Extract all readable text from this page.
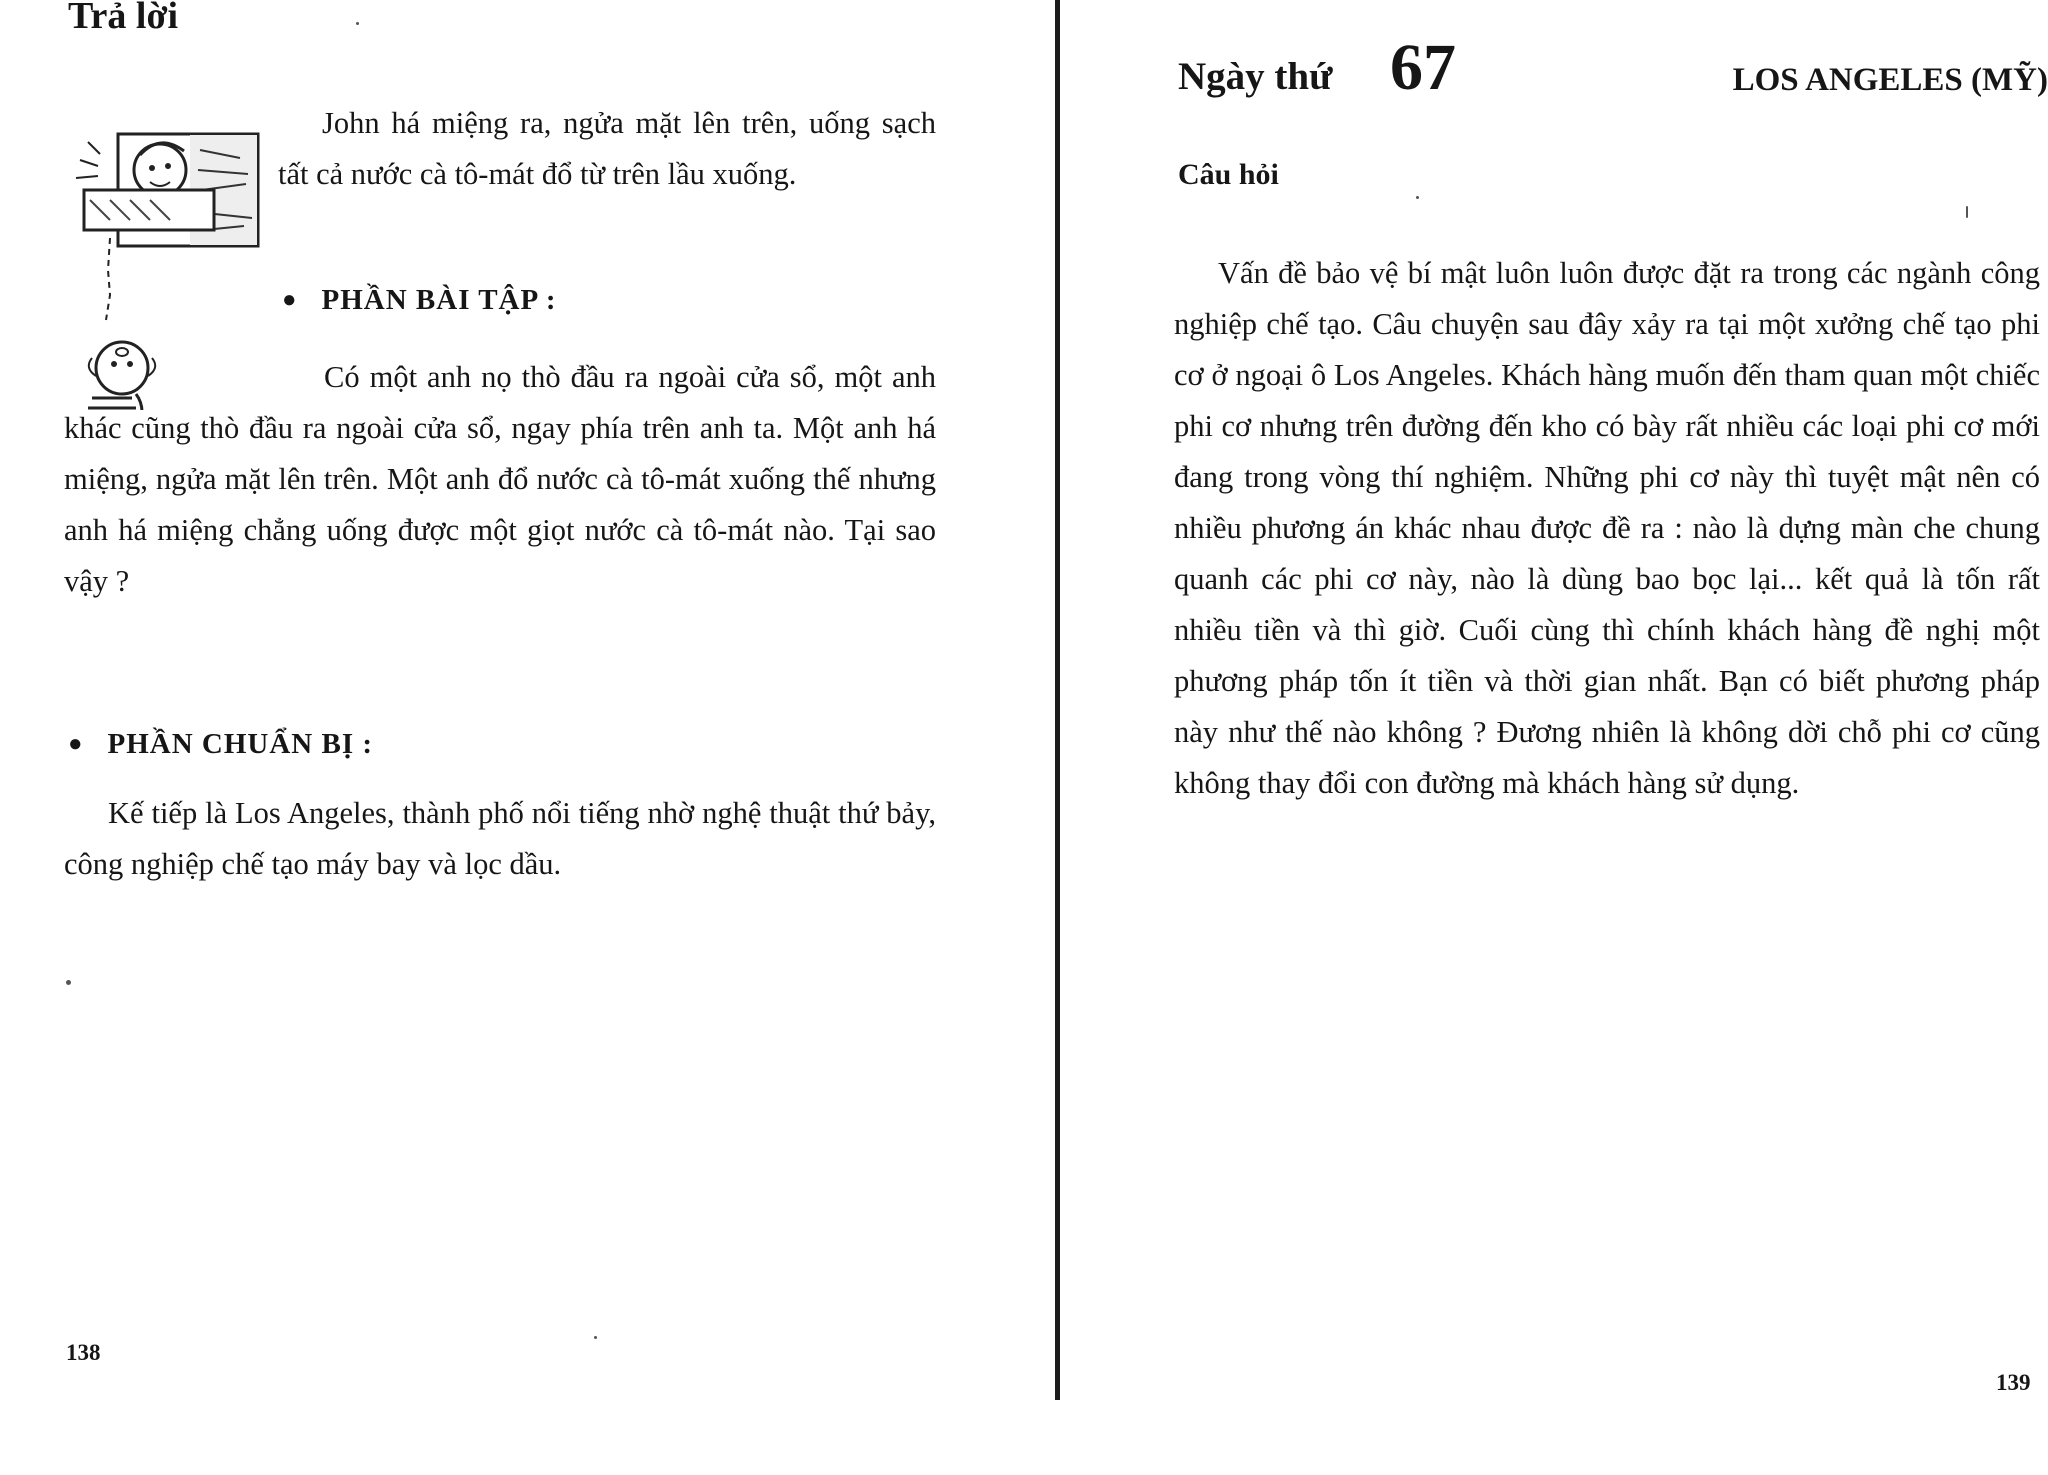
Trả lời

John há miệng ra, ngửa mặt lên trên, uống sạch tất cả nước cà tô-mát đổ từ trên lầu xuống.

● PHẦN BÀI TẬP :

Có một anh nọ thò đầu ra ngoài cửa sổ, một anh khác cũng thò đầu ra ngoài cửa sổ, ngay phía trên anh ta. Một anh há miệng, ngửa mặt lên trên. Một anh đổ nước cà tô-mát xuống thế nhưng anh há miệng chẳng uống được một giọt nước cà tô-mát nào. Tại sao vậy ?

● PHẦN CHUẨN BỊ :

Kế tiếp là Los Angeles, thành phố nổi tiếng nhờ nghệ thuật thứ bảy, công nghiệp chế tạo máy bay và lọc dầu.

138

Ngày thứ 67	LOS ANGELES (MỸ)
Câu hỏi

Vấn đề bảo vệ bí mật luôn luôn được đặt ra trong các ngành công nghiệp chế tạo. Câu chuyện sau đây xảy ra tại một xưởng chế tạo phi cơ ở ngoại ô Los Angeles. Khách hàng muốn đến tham quan một chiếc phi cơ nhưng trên đường đến kho có bày rất nhiều các loại phi cơ mới đang trong vòng thí nghiệm. Những phi cơ này thì tuyệt mật nên có nhiều phương án khác nhau được đề ra : nào là dựng màn che chung quanh các phi cơ này, nào là dùng bao bọc lại... kết quả là tốn rất nhiều tiền và thì giờ. Cuối cùng thì chính khách hàng đề nghị một phương pháp tốn ít tiền và thời gian nhất. Bạn có biết phương pháp này như thế nào không ? Đương nhiên là không dời chỗ phi cơ cũng không thay đổi con đường mà khách hàng sử dụng.

139
